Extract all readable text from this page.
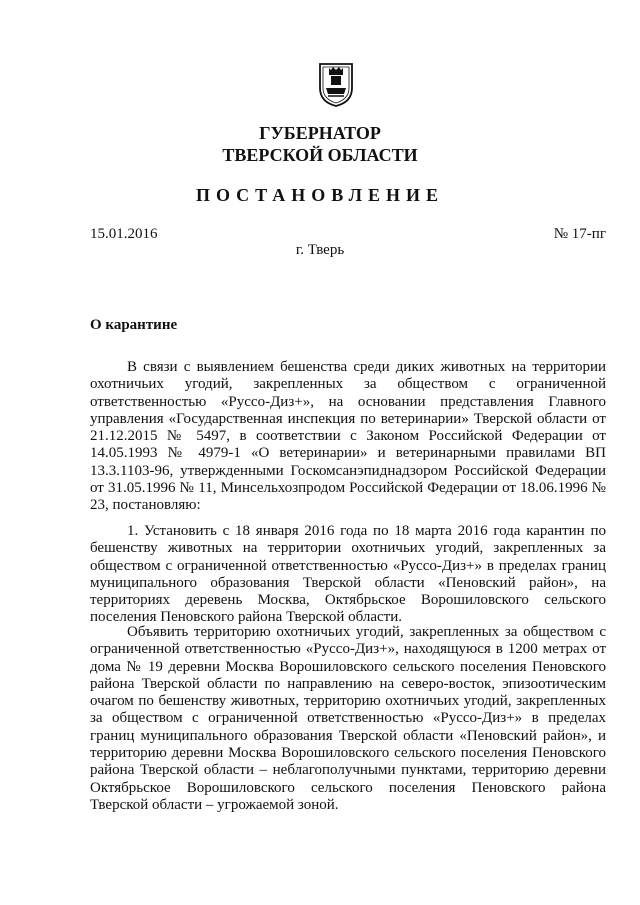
ГУБЕРНАТОР
ТВЕРСКОЙ ОБЛАСТИ
ПОСТАНОВЛЕНИЕ
15.01.2016	№ 17-пг
г. Тверь
О карантине

В связи с выявлением бешенства среди диких животных на территории охотничьих угодий, закрепленных за обществом с ограниченной ответственностью «Руссо-Диз+», на основании представления Главного управления «Государственная инспекция по ветеринарии» Тверской области от 21.12.2015 № 5497, в соответствии с Законом Российской Федерации от 14.05.1993 № 4979-1 «О ветеринарии» и ветеринарными правилами ВП 13.3.1103-96, утвержденными Госкомсанэпиднадзором Российской Федерации от 31.05.1996 № 11, Минсельхозпродом Российской Федерации от 18.06.1996 № 23, постановляю:

1. Установить с 18 января 2016 года по 18 марта 2016 года карантин по бешенству животных на территории охотничьих угодий, закрепленных за обществом с ограниченной ответственностью «Руссо-Диз+» в пределах границ муниципального образования Тверской области «Пеновский район», на территориях деревень Москва, Октябрьское Ворошиловского сельского поселения Пеновского района Тверской области.

Объявить территорию охотничьих угодий, закрепленных за обществом с ограниченной ответственностью «Руссо-Диз+», находящуюся в 1200 метрах от дома № 19 деревни Москва Ворошиловского сельского поселения Пеновского района Тверской области по направлению на северо-восток, эпизоотическим очагом по бешенству животных, территорию охотничьих угодий, закрепленных за обществом с ограниченной ответственностью «Руссо-Диз+» в пределах границ муниципального образования Тверской области «Пеновский район», и территорию деревни Москва Ворошиловского сельского поселения Пеновского района Тверской области – неблагополучными пунктами, территорию деревни Октябрьское Ворошиловского сельского поселения Пеновского района Тверской области – угрожаемой зоной.
